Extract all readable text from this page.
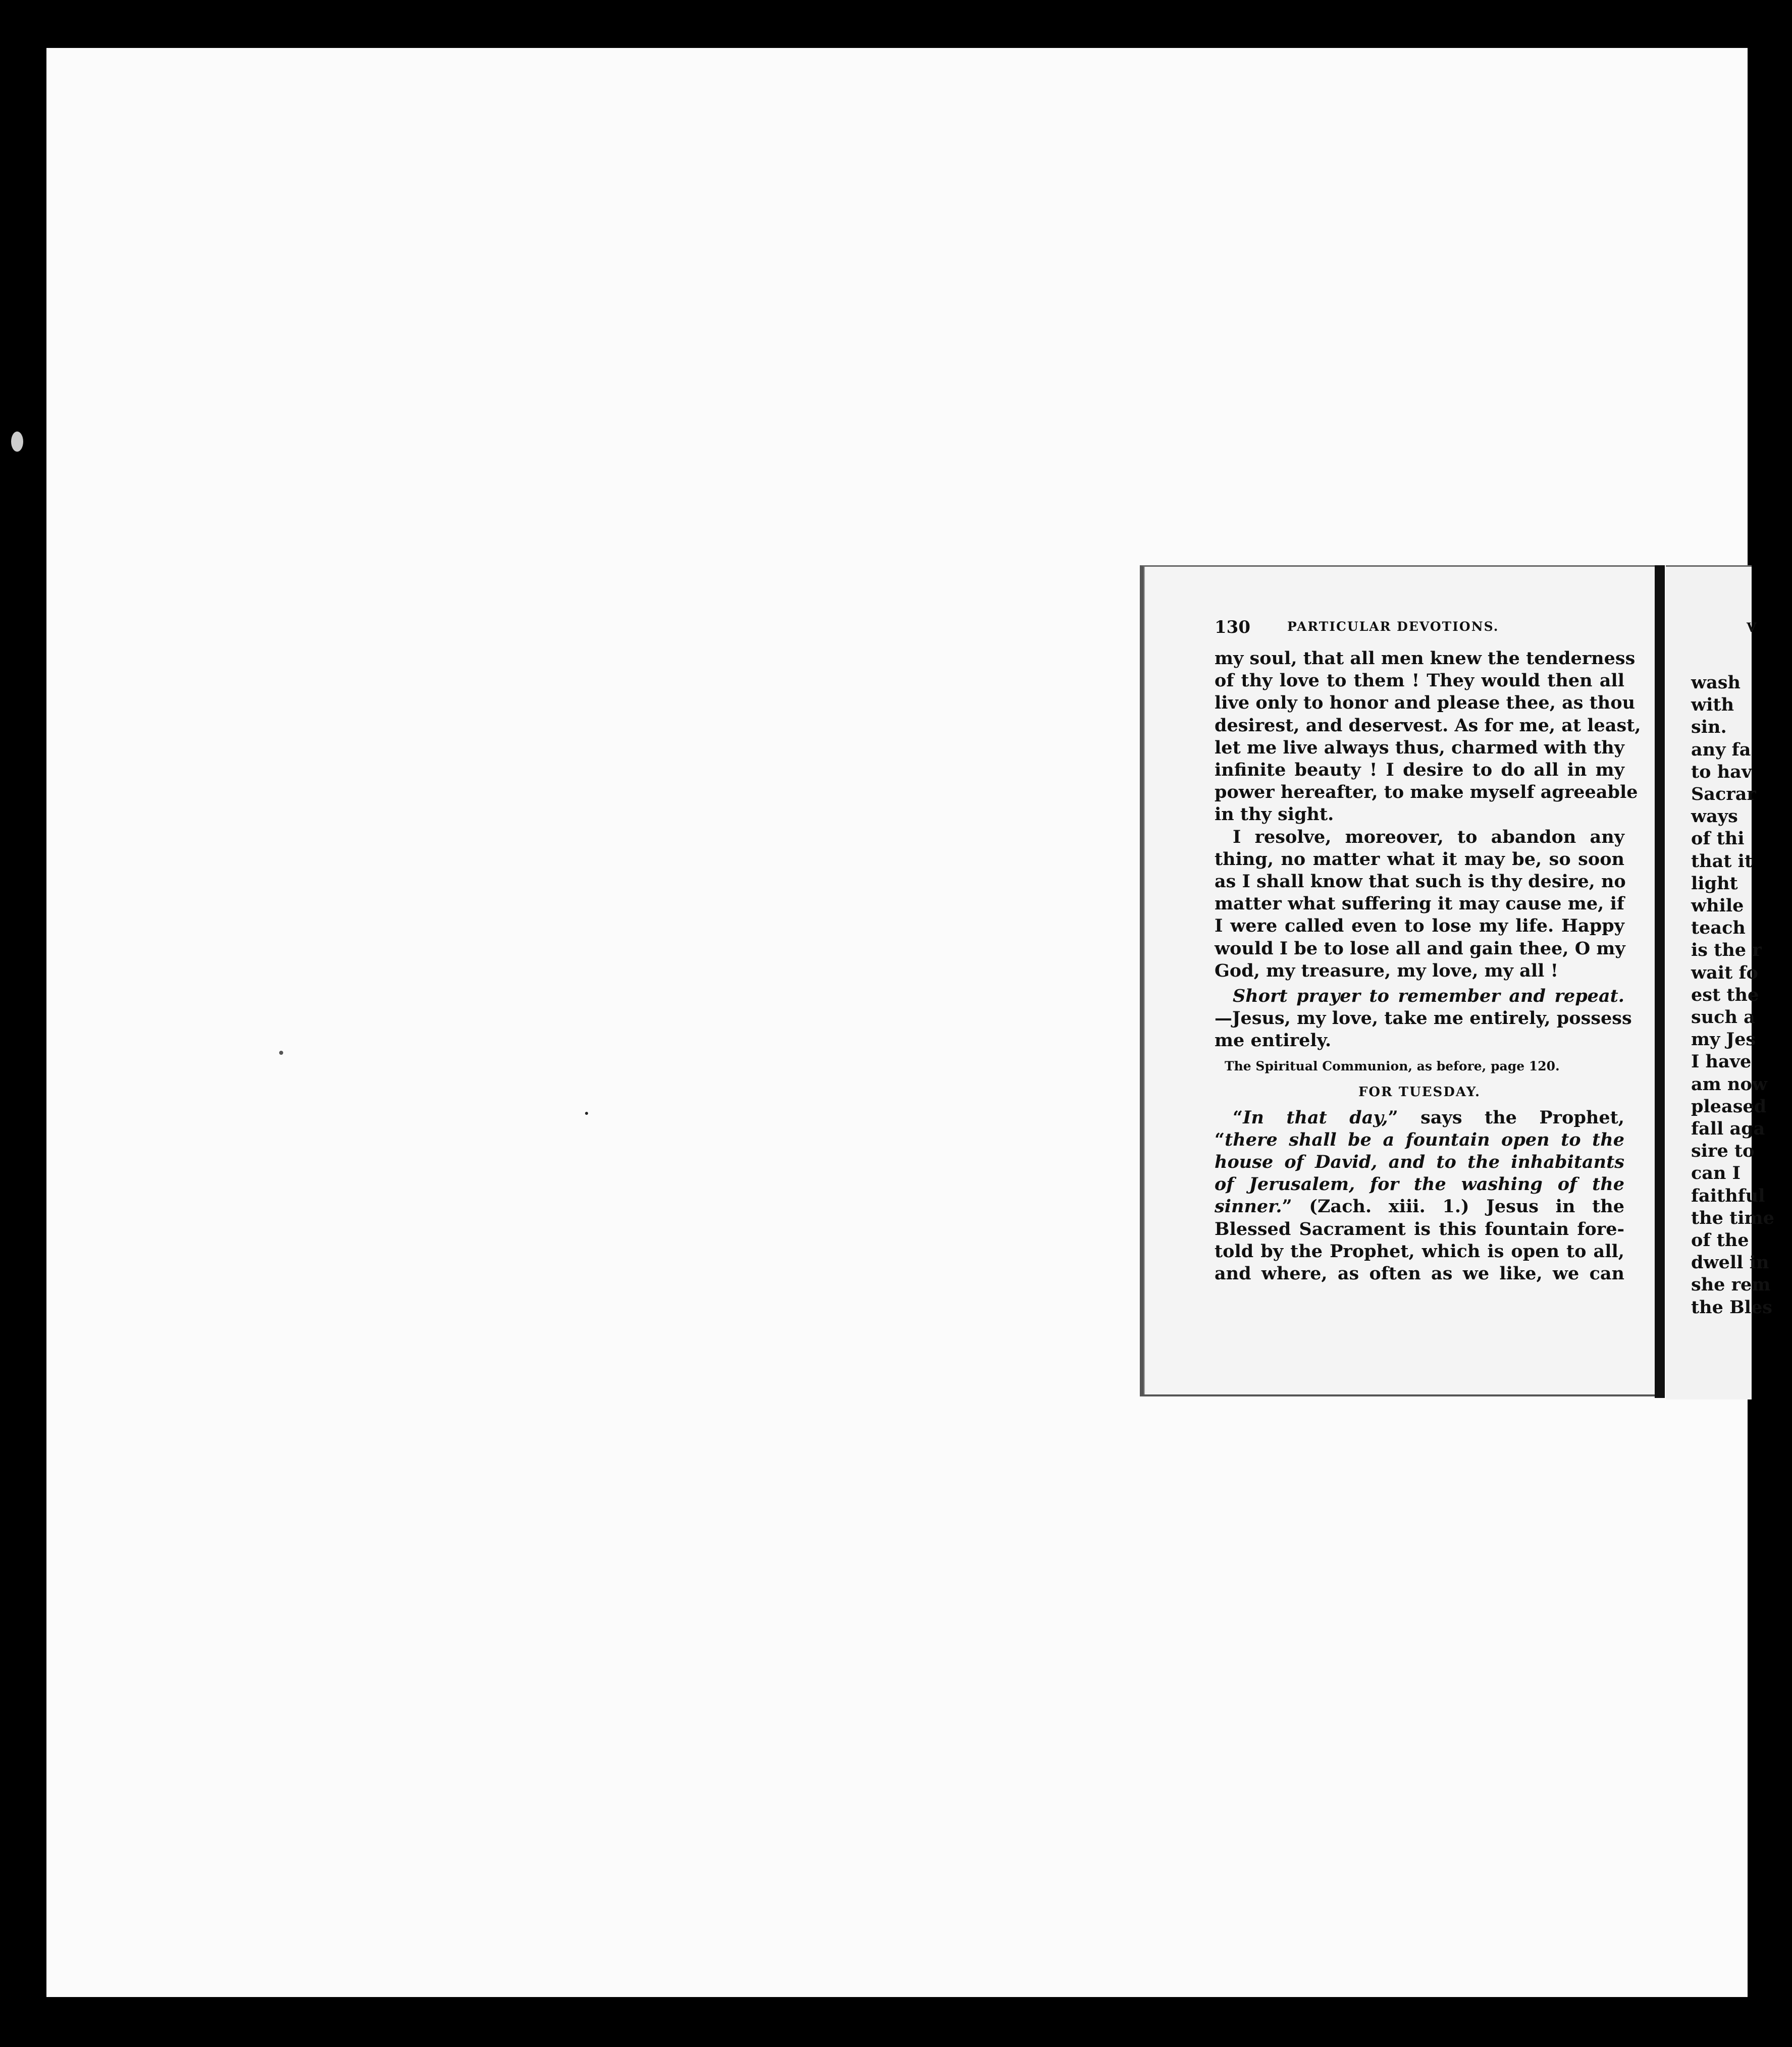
130	PARTICULAR DEVOTIONS.
my soul, that all men knew the tenderness
of thy love to them ! They would then all
live only to honor and please thee, as thou
desirest, and deservest. As for me, at least,
let me live always thus, charmed with thy
infinite beauty ! I desire to do all in my
power hereafter, to make myself agreeable
in thy sight.
I resolve, moreover, to abandon any
thing, no matter what it may be, so soon
as I shall know that such is thy desire, no
matter what suffering it may cause me, if
I were called even to lose my life. Happy
would I be to lose all and gain thee, O my
God, my treasure, my love, my all !
Short prayer to remember and repeat.
—Jesus, my love, take me entirely, possess
me entirely.
The Spiritual Communion, as before, page 120.
FOR TUESDAY.
“In that day,” says the Prophet,
“there shall be a fountain open to the
house of David, and to the inhabitants
of Jerusalem, for the washing of the
sinner.” (Zach. xiii. 1.) Jesus in the
Blessed Sacrament is this fountain fore-
told by the Prophet, which is open to all,
and where, as often as we like, we can
V
wash
with
sin.
any fa
to hav
Sacrar
ways
of thi
that it
light
while
teach
is the r
wait fo
est the
such a
my Jes
I have
am now
pleased
fall aga
sire to
can I
faithful
the time
of the
dwell in
she rem
the Bles
